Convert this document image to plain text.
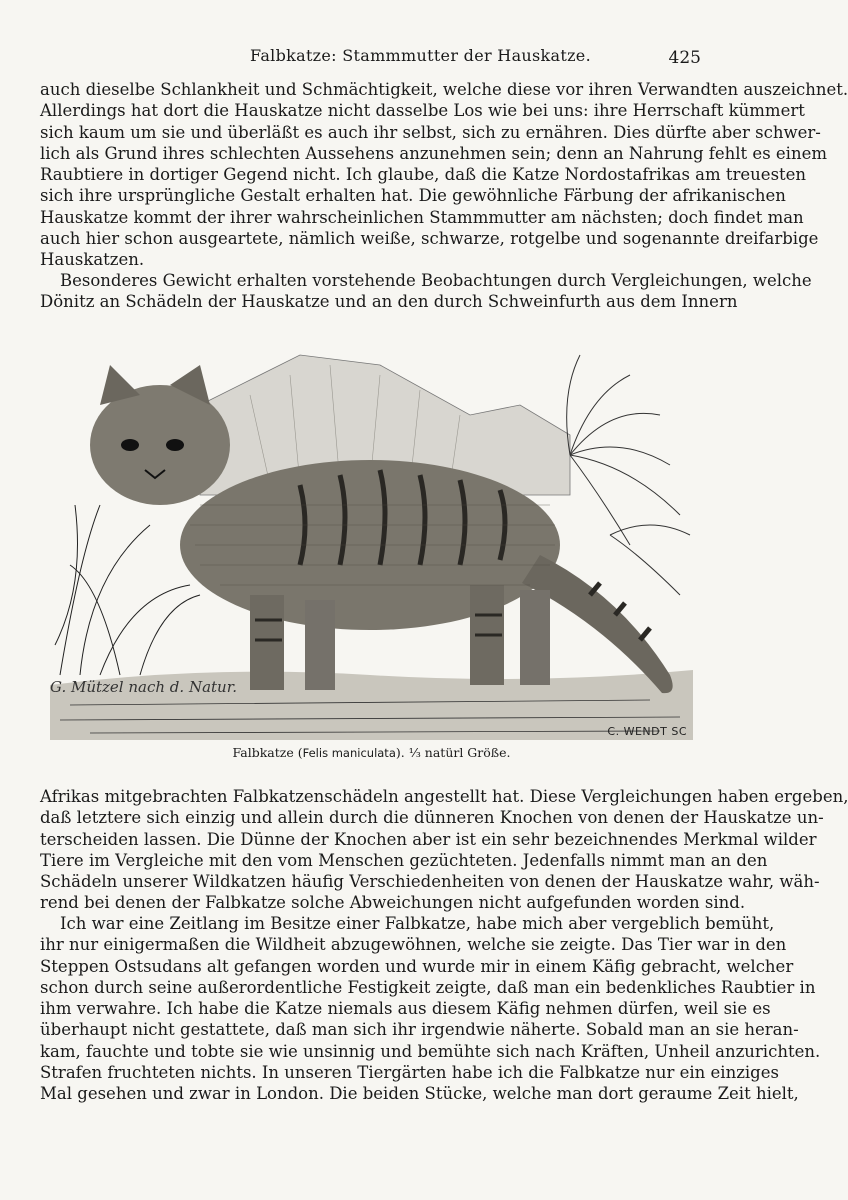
Falbkatze: Stammmutter der Hauskatze.	425

auch dieselbe Schlankheit und Schmächtigkeit, welche diese vor ihren Verwandten auszeichnet.
Allerdings hat dort die Hauskatze nicht dasselbe Los wie bei uns: ihre Herrschaft kümmert
sich kaum um sie und überläßt es auch ihr selbst, sich zu ernähren. Dies dürfte aber schwer-
lich als Grund ihres schlechten Aussehens anzunehmen sein; denn an Nahrung fehlt es einem
Raubtiere in dortiger Gegend nicht. Ich glaube, daß die Katze Nordostafrikas am treuesten
sich ihre ursprüngliche Gestalt erhalten hat. Die gewöhnliche Färbung der afrikanischen
Hauskatze kommt der ihrer wahrscheinlichen Stammmutter am nächsten; doch findet man
auch hier schon ausgeartete, nämlich weiße, schwarze, rotgelbe und sogenannte dreifarbige
Hauskatzen.

Besonderes Gewicht erhalten vorstehende Beobachtungen durch Vergleichungen, welche
Dönitz an Schädeln der Hauskatze und an den durch Schweinfurth aus dem Innern

G. Mützel nach d. Natur.
C. WENDT SC
Falbkatze (Felis maniculata). ⅓ natürl Größe.

Afrikas mitgebrachten Falbkatzenschädeln angestellt hat. Diese Vergleichungen haben ergeben,
daß letztere sich einzig und allein durch die dünneren Knochen von denen der Hauskatze un-
terscheiden lassen. Die Dünne der Knochen aber ist ein sehr bezeichnendes Merkmal wilder
Tiere im Vergleiche mit den vom Menschen gezüchteten. Jedenfalls nimmt man an den
Schädeln unserer Wildkatzen häufig Verschiedenheiten von denen der Hauskatze wahr, wäh-
rend bei denen der Falbkatze solche Abweichungen nicht aufgefunden worden sind.

Ich war eine Zeitlang im Besitze einer Falbkatze, habe mich aber vergeblich bemüht,
ihr nur einigermaßen die Wildheit abzugewöhnen, welche sie zeigte. Das Tier war in den
Steppen Ostsudans alt gefangen worden und wurde mir in einem Käfig gebracht, welcher
schon durch seine außerordentliche Festigkeit zeigte, daß man ein bedenkliches Raubtier in
ihm verwahre. Ich habe die Katze niemals aus diesem Käfig nehmen dürfen, weil sie es
überhaupt nicht gestattete, daß man sich ihr irgendwie näherte. Sobald man an sie heran-
kam, fauchte und tobte sie wie unsinnig und bemühte sich nach Kräften, Unheil anzurichten.
Strafen fruchteten nichts. In unseren Tiergärten habe ich die Falbkatze nur ein einziges
Mal gesehen und zwar in London. Die beiden Stücke, welche man dort geraume Zeit hielt,
